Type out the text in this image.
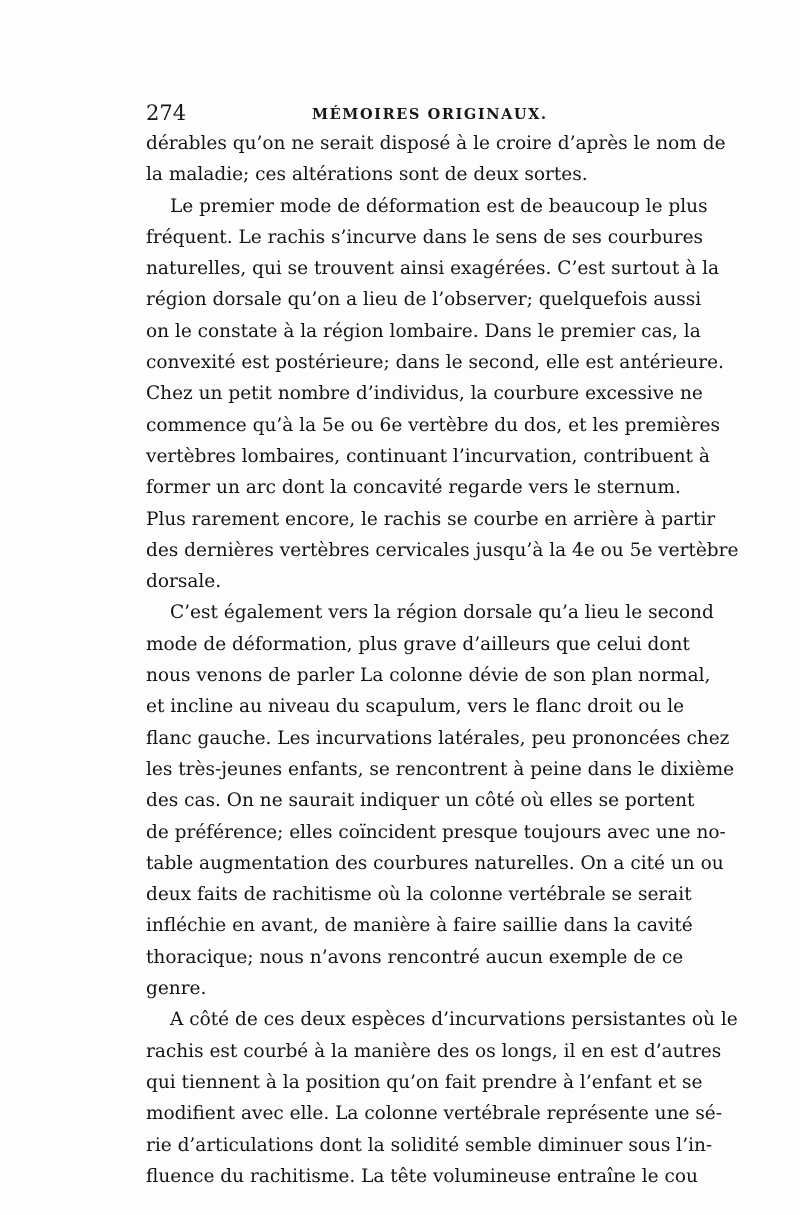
274	MÉMOIRES ORIGINAUX.
dérables qu’on ne serait disposé à le croire d’après le nom de
la maladie; ces altérations sont de deux sortes.
Le premier mode de déformation est de beaucoup le plus
fréquent. Le rachis s’incurve dans le sens de ses courbures
naturelles, qui se trouvent ainsi exagérées. C’est surtout à la
région dorsale qu’on a lieu de l’observer; quelquefois aussi
on le constate à la région lombaire. Dans le premier cas, la
convexité est postérieure; dans le second, elle est antérieure.
Chez un petit nombre d’individus, la courbure excessive ne
commence qu’à la 5e ou 6e vertèbre du dos, et les premières
vertèbres lombaires, continuant l’incurvation, contribuent à
former un arc dont la concavité regarde vers le sternum.
Plus rarement encore, le rachis se courbe en arrière à partir
des dernières vertèbres cervicales jusqu’à la 4e ou 5e vertèbre
dorsale.
C’est également vers la région dorsale qu’a lieu le second
mode de déformation, plus grave d’ailleurs que celui dont
nous venons de parler La colonne dévie de son plan normal,
et incline au niveau du scapulum, vers le flanc droit ou le
flanc gauche. Les incurvations latérales, peu prononcées chez
les très-jeunes enfants, se rencontrent à peine dans le dixième
des cas. On ne saurait indiquer un côté où elles se portent
de préférence; elles coïncident presque toujours avec une no-
table augmentation des courbures naturelles. On a cité un ou
deux faits de rachitisme où la colonne vertébrale se serait
infléchie en avant, de manière à faire saillie dans la cavité
thoracique; nous n’avons rencontré aucun exemple de ce
genre.
A côté de ces deux espèces d’incurvations persistantes où le
rachis est courbé à la manière des os longs, il en est d’autres
qui tiennent à la position qu’on fait prendre à l’enfant et se
modifient avec elle. La colonne vertébrale représente une sé-
rie d’articulations dont la solidité semble diminuer sous l’in-
fluence du rachitisme. La tête volumineuse entraîne le cou
